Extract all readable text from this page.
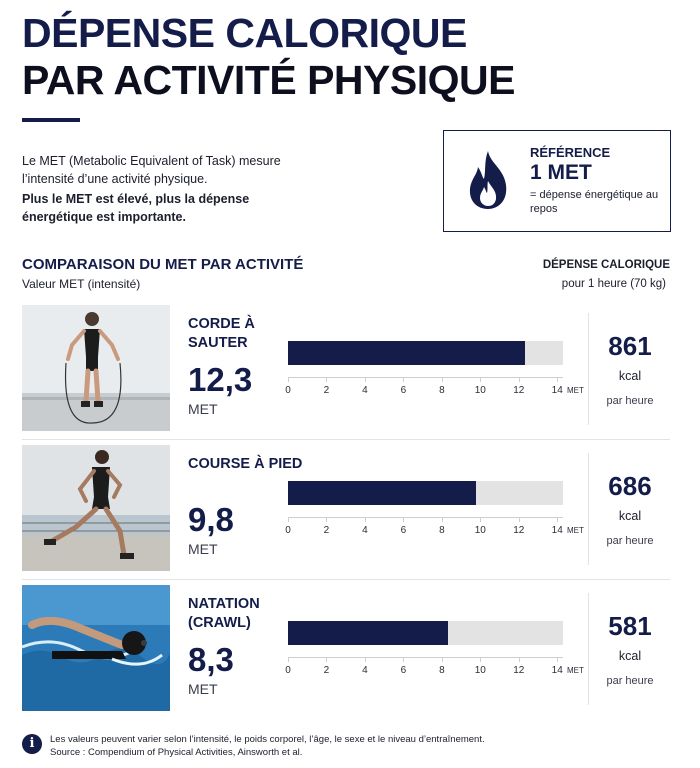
DÉPENSE CALORIQUE
PAR ACTIVITÉ PHYSIQUE
Le MET (Metabolic Equivalent of Task) mesure l’intensité d’une activité physique.
Plus le MET est élevé, plus la dépense énergétique est importante.
RÉFÉRENCE
1 MET
= dépense énergétique au repos
COMPARAISON DU MET PAR ACTIVITÉ
Valeur MET (intensité)
DÉPENSE CALORIQUE
pour 1 heure (70 kg)
CORDE À SAUTER
12,3
MET
0	2	4	6	8	10	12	14 MET
861
kcal
par heure
COURSE À PIED
9,8
MET
0	2	4	6	8	10	12	14 MET
686
kcal
par heure
NATATION (CRAWL)
8,3
MET
0	2	4	6	8	10	12	14 MET
581
kcal
par heure
i	Les valeurs peuvent varier selon l’intensité, le poids corporel, l’âge, le sexe et le niveau d’entraînement.
Source : Compendium of Physical Activities, Ainsworth et al.
